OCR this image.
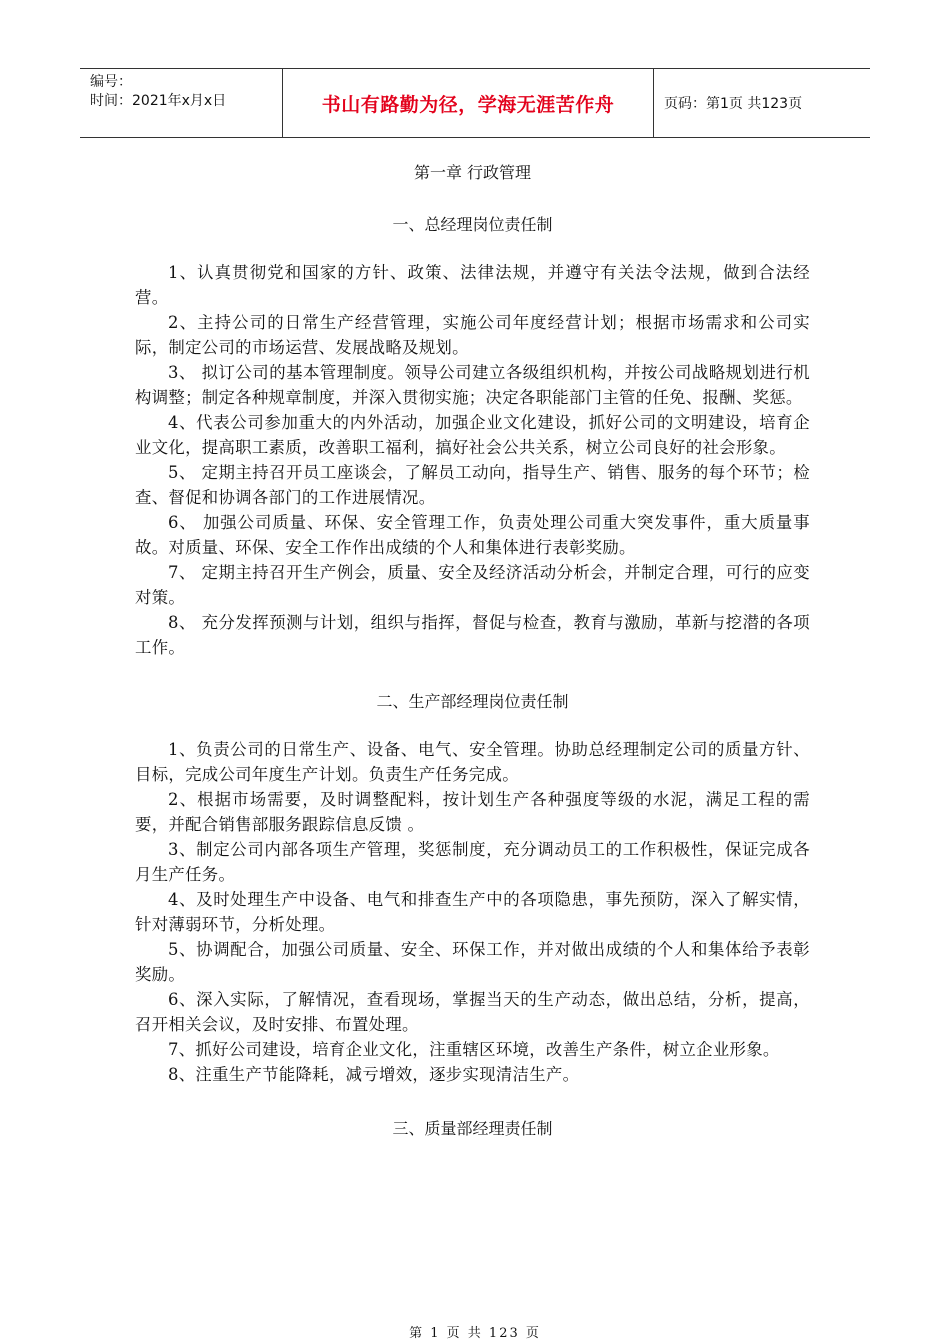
编号：
时间：2021年x月x日	书山有路勤为径，学海无涯苦作舟	页码：第1页 共123页
第一章 行政管理
一、总经理岗位责任制

1、认真贯彻党和国家的方针、政策、法律法规，并遵守有关法令法规，做到合法经营。

2、主持公司的日常生产经营管理，实施公司年度经营计划；根据市场需求和公司实际，制定公司的市场运营、发展战略及规划。

3、 拟订公司的基本管理制度。领导公司建立各级组织机构，并按公司战略规划进行机构调整；制定各种规章制度，并深入贯彻实施；决定各职能部门主管的任免、报酬、奖惩。

4、代表公司参加重大的内外活动，加强企业文化建设，抓好公司的文明建设，培育企业文化，提高职工素质，改善职工福利，搞好社会公共关系，树立公司良好的社会形象。

5、 定期主持召开员工座谈会，了解员工动向，指导生产、销售、服务的每个环节；检查、督促和协调各部门的工作进展情况。

6、 加强公司质量、环保、安全管理工作，负责处理公司重大突发事件，重大质量事故。对质量、环保、安全工作作出成绩的个人和集体进行表彰奖励。

7、 定期主持召开生产例会，质量、安全及经济活动分析会，并制定合理，可行的应变对策。

8、 充分发挥预测与计划，组织与指挥，督促与检查，教育与激励，革新与挖潜的各项工作。

二、生产部经理岗位责任制

1、负责公司的日常生产、设备、电气、安全管理。协助总经理制定公司的质量方针、目标，完成公司年度生产计划。负责生产任务完成。

2、根据市场需要，及时调整配料，按计划生产各种强度等级的水泥，满足工程的需要，并配合销售部服务跟踪信息反馈 。

3、制定公司内部各项生产管理，奖惩制度，充分调动员工的工作积极性，保证完成各月生产任务。

4、及时处理生产中设备、电气和排查生产中的各项隐患，事先预防，深入了解实情，针对薄弱环节，分析处理。

5、协调配合，加强公司质量、安全、环保工作，并对做出成绩的个人和集体给予表彰奖励。

6、深入实际，了解情况，查看现场，掌握当天的生产动态，做出总结，分析，提高，召开相关会议，及时安排、布置处理。

7、抓好公司建设，培育企业文化，注重辖区环境，改善生产条件，树立企业形象。

8、注重生产节能降耗，减亏增效，逐步实现清洁生产。

三、质量部经理责任制
第 1 页 共 123 页
